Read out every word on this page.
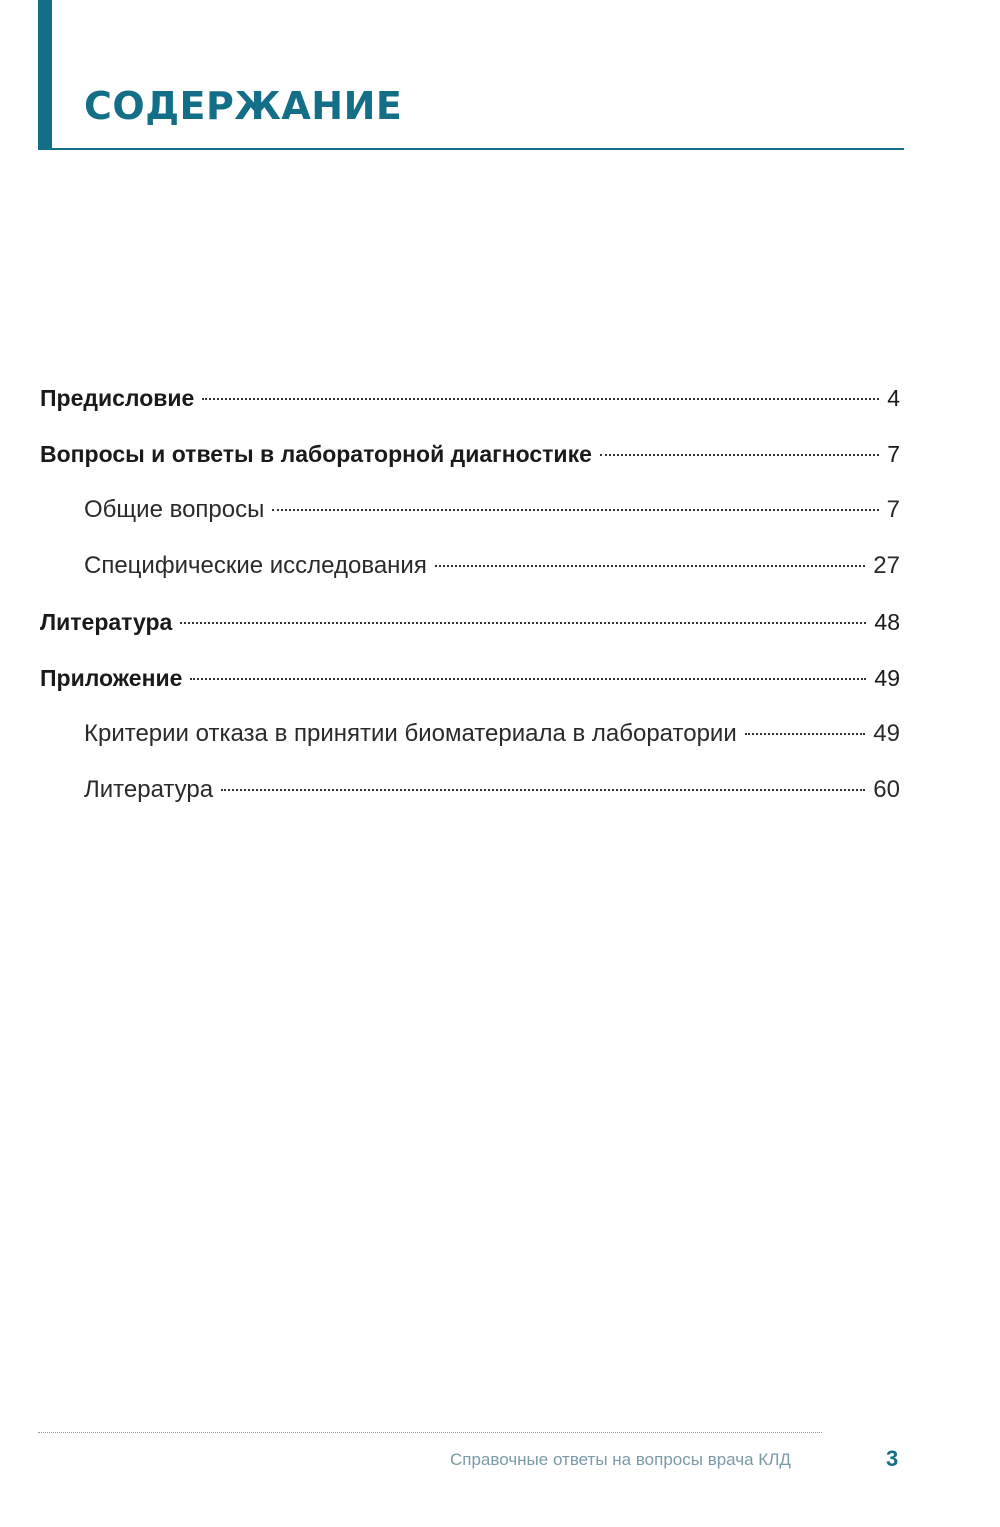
СОДЕРЖАНИЕ
Предисловие	4
Вопросы и ответы в лабораторной диагностике	7
Общие вопросы	7
Специфические исследования	27
Литература	48
Приложение	49
Критерии отказа в принятии биоматериала в лаборатории	49
Литература	60
Справочные ответы на вопросы врача КЛД	3
